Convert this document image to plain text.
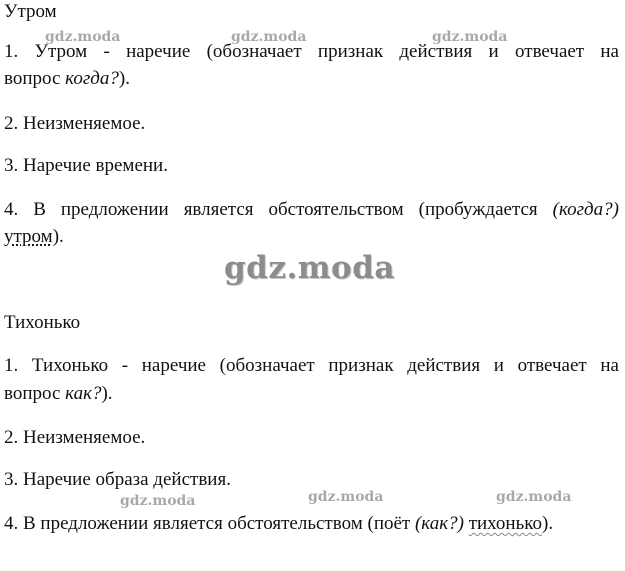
Утром
1. Утром - наречие (обозначает признак действия и отвечает на
вопрос когда?).
2. Неизменяемое.
3. Наречие времени.
4. В предложении является обстоятельством (пробуждается (когда?)
утром).
Тихонько
1. Тихонько - наречие (обозначает признак действия и отвечает на
вопрос как?).
2. Неизменяемое.
3. Наречие образа действия.
4. В предложении является обстоятельством (поёт (как?) тихонько).
gdz.moda	gdz.moda	gdz.moda
gdz.moda
gdz.moda	gdz.moda	gdz.moda
